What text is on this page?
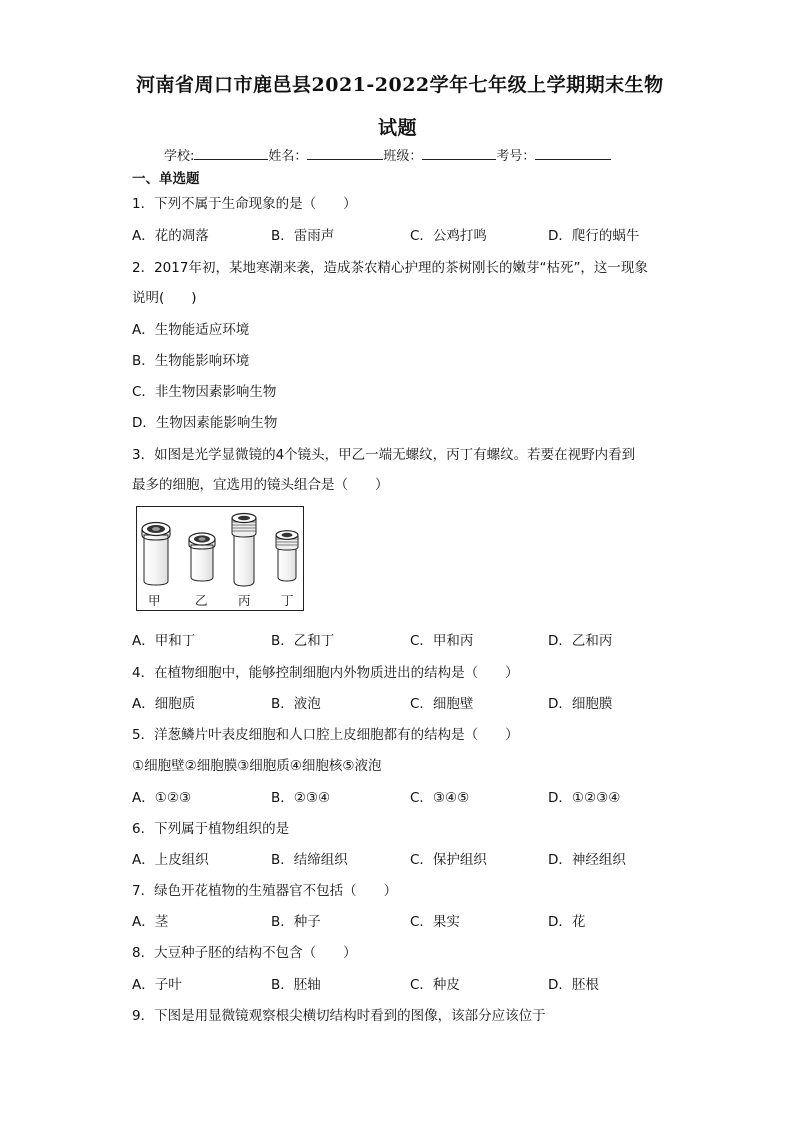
河南省周口市鹿邑县2021-2022学年七年级上学期期末生物
试题
学校:	姓名：	班级：	考号：
一、单选题
1．下列不属于生命现象的是（　　）
A．花的凋落	B．雷雨声	C．公鸡打鸣	D．爬行的蜗牛
2．2017年初，某地寒潮来袭，造成茶农精心护理的茶树刚长的嫩芽“枯死”，这一现象
说明(　　)
A．生物能适应环境
B．生物能影响环境
C．非生物因素影响生物
D．生物因素能影响生物
3．如图是光学显微镜的4个镜头，甲乙一端无螺纹，丙丁有螺纹。若要在视野内看到
最多的细胞，宜选用的镜头组合是（　　）
甲	乙 丙 丁
A．甲和丁	B．乙和丁	C．甲和丙	D．乙和丙
4．在植物细胞中，能够控制细胞内外物质进出的结构是（　　）
A．细胞质	B．液泡	C．细胞壁	D．细胞膜
5．洋葱鳞片叶表皮细胞和人口腔上皮细胞都有的结构是（　　）
①细胞壁②细胞膜③细胞质④细胞核⑤液泡
A．①②③	B．②③④	C．③④⑤	D．①②③④
6．下列属于植物组织的是
A．上皮组织	B．结缔组织	C．保护组织	D．神经组织
7．绿色开花植物的生殖器官不包括（　　）
A．茎	B．种子	C．果实	D．花
8．大豆种子胚的结构不包含（　　）
A．子叶	B．胚轴	C．种皮	D．胚根
9．下图是用显微镜观察根尖横切结构时看到的图像，该部分应该位于
